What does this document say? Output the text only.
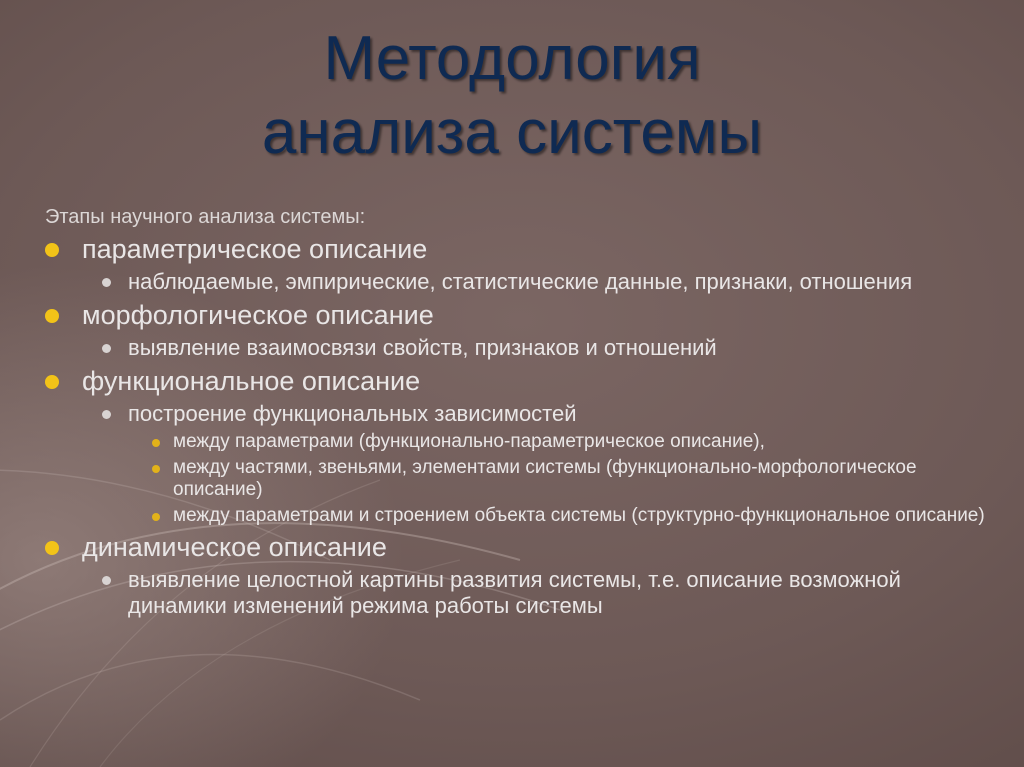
Методология
анализа системы
Этапы научного анализа системы:
параметрическое описание
наблюдаемые, эмпирические, статистические данные, признаки, отношения
морфологическое описание
выявление взаимосвязи свойств, признаков и отношений
функциональное описание
построение функциональных зависимостей
между параметрами (функционально-параметрическое описание),
между частями, звеньями, элементами системы (функционально-морфологическое описание)
между параметрами и строением объекта системы (структурно-функциональное описание)
динамическое описание
выявление целостной картины развития системы, т.е. описание возможной динамики изменений режима работы системы
